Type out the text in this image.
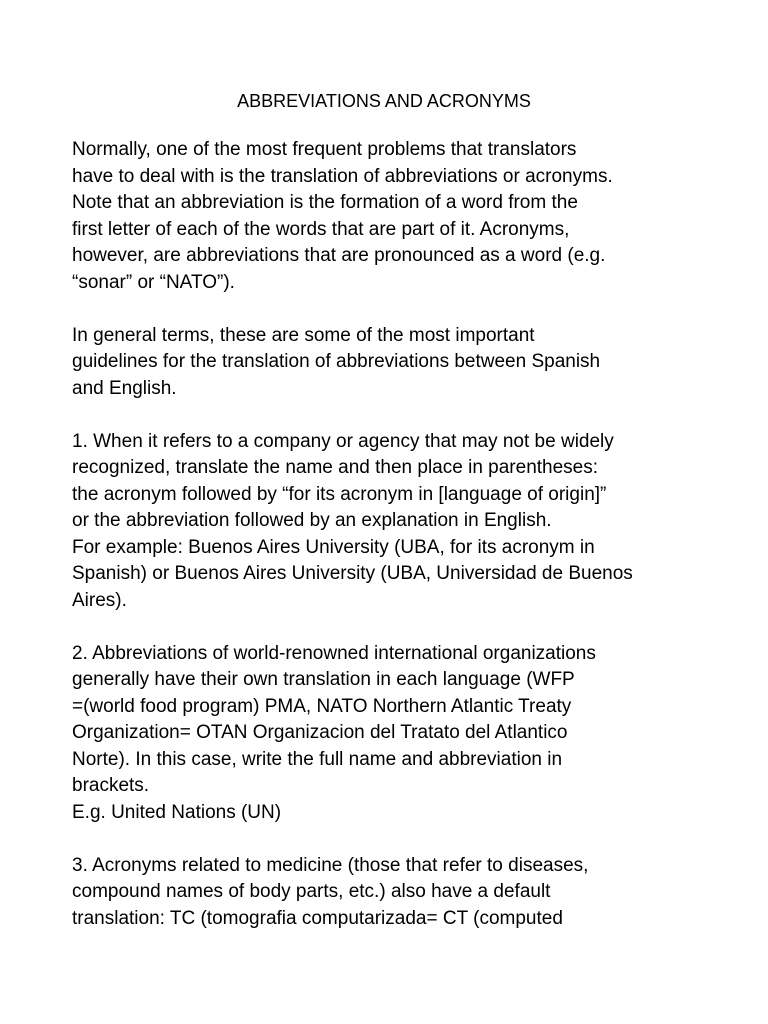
ABBREVIATIONS AND ACRONYMS

Normally, one of the most frequent problems that translators
have to deal with is the translation of abbreviations or acronyms.
Note that an abbreviation is the formation of a word from the
first letter of each of the words that are part of it. Acronyms,
however, are abbreviations that are pronounced as a word (e.g.
“sonar” or “NATO”).

In general terms, these are some of the most important
guidelines for the translation of abbreviations between Spanish
and English.

1. When it refers to a company or agency that may not be widely
recognized, translate the name and then place in parentheses:
the acronym followed by “for its acronym in [language of origin]”
or the abbreviation followed by an explanation in English.
For example: Buenos Aires University (UBA, for its acronym in
Spanish) or Buenos Aires University (UBA, Universidad de Buenos
Aires).

2. Abbreviations of world-renowned international organizations
generally have their own translation in each language (WFP
=(world food program) PMA, NATO Northern Atlantic Treaty
Organization= OTAN Organizacion del Tratato del Atlantico
Norte). In this case, write the full name and abbreviation in
brackets.
E.g. United Nations (UN)

3. Acronyms related to medicine (those that refer to diseases,
compound names of body parts, etc.) also have a default
translation: TC (tomografia computarizada= CT (computed
